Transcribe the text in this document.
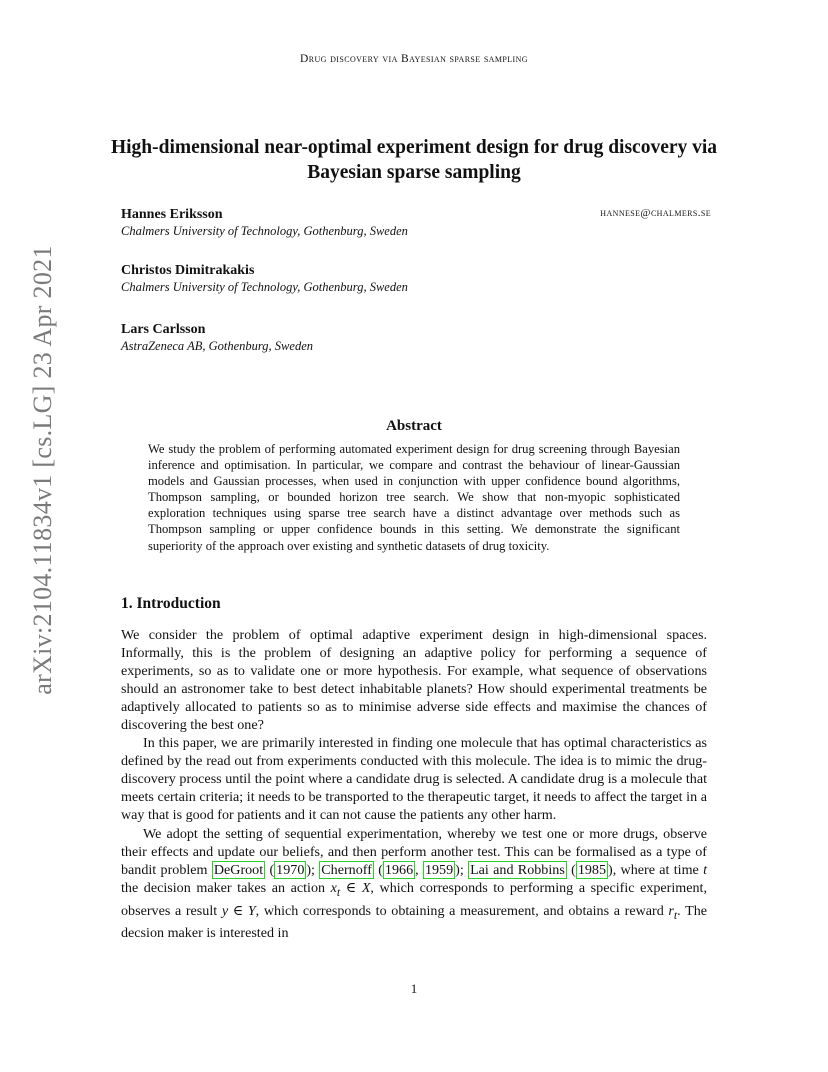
Drug discovery via Bayesian sparse sampling
arXiv:2104.11834v1 [cs.LG] 23 Apr 2021
High-dimensional near-optimal experiment design for drug discovery via Bayesian sparse sampling
Hannes Eriksson
Chalmers University of Technology, Gothenburg, Sweden
hannese@chalmers.se
Christos Dimitrakakis
Chalmers University of Technology, Gothenburg, Sweden
Lars Carlsson
AstraZeneca AB, Gothenburg, Sweden
Abstract
We study the problem of performing automated experiment design for drug screening through Bayesian inference and optimisation. In particular, we compare and contrast the behaviour of linear-Gaussian models and Gaussian processes, when used in conjunction with upper confidence bound algorithms, Thompson sampling, or bounded horizon tree search. We show that non-myopic sophisticated exploration techniques using sparse tree search have a distinct advantage over methods such as Thompson sampling or upper confidence bounds in this setting. We demonstrate the significant superiority of the approach over existing and synthetic datasets of drug toxicity.
1. Introduction

We consider the problem of optimal adaptive experiment design in high-dimensional spaces. Informally, this is the problem of designing an adaptive policy for performing a sequence of experiments, so as to validate one or more hypothesis. For example, what sequence of observations should an astronomer take to best detect inhabitable planets? How should experimental treatments be adaptively allocated to patients so as to minimise adverse side effects and maximise the chances of discovering the best one?

In this paper, we are primarily interested in finding one molecule that has optimal characteristics as defined by the read out from experiments conducted with this molecule. The idea is to mimic the drug-discovery process until the point where a candidate drug is selected. A candidate drug is a molecule that meets certain criteria; it needs to be transported to the therapeutic target, it needs to affect the target in a way that is good for patients and it can not cause the patients any other harm.

We adopt the setting of sequential experimentation, whereby we test one or more drugs, observe their effects and update our beliefs, and then perform another test. This can be formalised as a type of bandit problem DeGroot ( 1970 ); Chernoff ( 1966 , 1959 ); Lai and Robbins ( 1985 ), where at time t the decision maker takes an action $x_t$ ∈ X, which corresponds to performing a specific experiment, observes a result y ∈ Y, which corresponds to obtaining a measurement, and obtains a reward $r_t$. The decsion maker is interested in

1
